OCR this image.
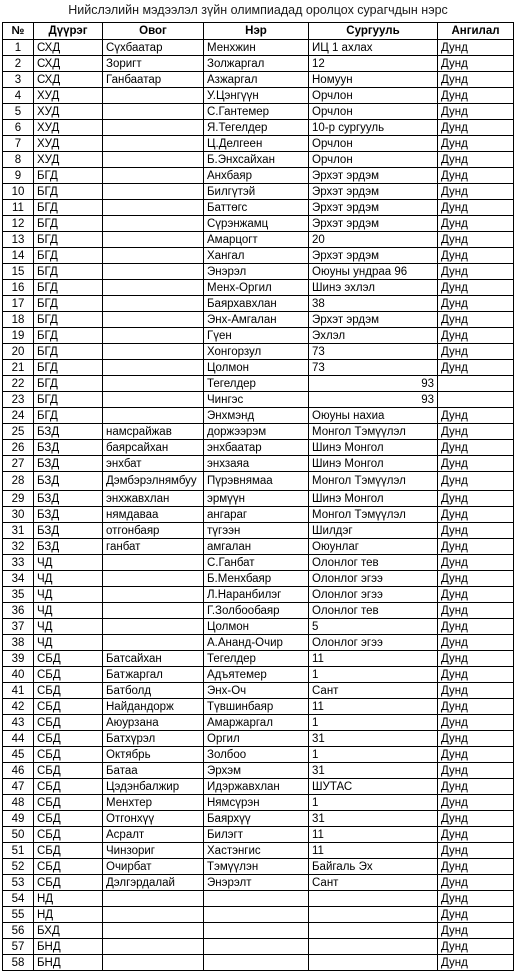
Нийслэлийн мэдээлэл зүйн олимпиадад оролцох сурагчдын нэрс
№	Дүүрэг	Овог	Нэр	Сургууль	Ангилал
1	СХД	Сүхбаатар	Менхжин	ИЦ 1 ахлах	Дунд
2	СХД	Зоригт	Золжаргал	12	Дунд
3	СХД	Ганбаатар	Азжаргал	Номуун	Дунд
4	ХУД		У.Цэнгүүн	Орчлон	Дунд
5	ХУД		С.Гантемер	Орчлон	Дунд
6	ХУД		Я.Тегелдер	10-р сургууль	Дунд
7	ХУД		Ц.Делгеен	Орчлон	Дунд
8	ХУД		Б.Энхсайхан	Орчлон	Дунд
9	БГД		Анхбаяр	Эрхэт эрдэм	Дунд
10	БГД		Билгүтэй	Эрхэт эрдэм	Дунд
11	БГД		Баттөгс	Эрхэт эрдэм	Дунд
12	БГД		Сүрэнжамц	Эрхэт эрдэм	Дунд
13	БГД		Амарцогт	20	Дунд
14	БГД		Хангал	Эрхэт эрдэм	Дунд
15	БГД		Энэрэл	Оюуны ундраа 96	Дунд
16	БГД		Менх-Оргил	Шинэ эхлэл	Дунд
17	БГД		Баярхавхлан	38	Дунд
18	БГД		Энх-Амгалан	Эрхэт эрдэм	Дунд
19	БГД		Гүен	Эхлэл	Дунд
20	БГД		Хонгорзул	73	Дунд
21	БГД		Цолмон	73	Дунд
22	БГД		Тегелдер	93	
23	БГД		Чингэс	93	
24	БГД		Энхмэнд	Оюуны нахиа	Дунд
25	БЗД	намсрайжав	доржээрэм	Монгол Тэмүүлэл	Дунд
26	БЗД	баярсайхан	энхбаатар	Шинэ Монгол	Дунд
27	БЗД	энхбат	энхзаяа	Шинэ Монгол	Дунд
28	БЗД	Дэмбэрэлнямбуу	Пүрэвнямаа	Монгол Тэмүүлэл	Дунд
29	БЗД	энхжавхлан	эрмүүн	Шинэ Монгол	Дунд
30	БЗД	нямдаваа	ангараг	Монгол Тэмүүлэл	Дунд
31	БЗД	отгонбаяр	түгээн	Шилдэг	Дунд
32	БЗД	ганбат	амгалан	Оюунлаг	Дунд
33	ЧД		С.Ганбат	Олонлог тев	Дунд
34	ЧД		Б.Менхбаяр	Олонлог эгээ	Дунд
35	ЧД		Л.Наранбилэг	Олонлог эгээ	Дунд
36	ЧД		Г.Золбообаяр	Олонлог тев	Дунд
37	ЧД		Цолмон	5	Дунд
38	ЧД		А.Ананд-Очир	Олонлог эгээ	Дунд
39	СБД	Батсайхан	Тегелдер	11	Дунд
40	СБД	Батжаргал	Адъятемер	1	Дунд
41	СБД	Батболд	Энх-Оч	Сант	Дунд
42	СБД	Найдандорж	Түвшинбаяр	11	Дунд
43	СБД	Аюурзана	Амаржаргал	1	Дунд
44	СБД	Батхүрэл	Оргил	31	Дунд
45	СБД	Октябрь	Золбоо	1	Дунд
46	СБД	Батаа	Эрхэм	31	Дунд
47	СБД	Цэдэнбалжир	Идэржавхлан	ШУТАС	Дунд
48	СБД	Менхтер	Нямсүрэн	1	Дунд
49	СБД	Отгонхүү	Баярхүү	31	Дунд
50	СБД	Асралт	Билэгт	11	Дунд
51	СБД	Чинзориг	Хастэнгис	11	Дунд
52	СБД	Очирбат	Тэмүүлэн	Байгаль Эх	Дунд
53	СБД	Дэлгэрдалай	Энэрэлт	Сант	Дунд
54	НД				Дунд
55	НД				Дунд
56	БХД				Дунд
57	БНД				Дунд
58	БНД				Дунд
